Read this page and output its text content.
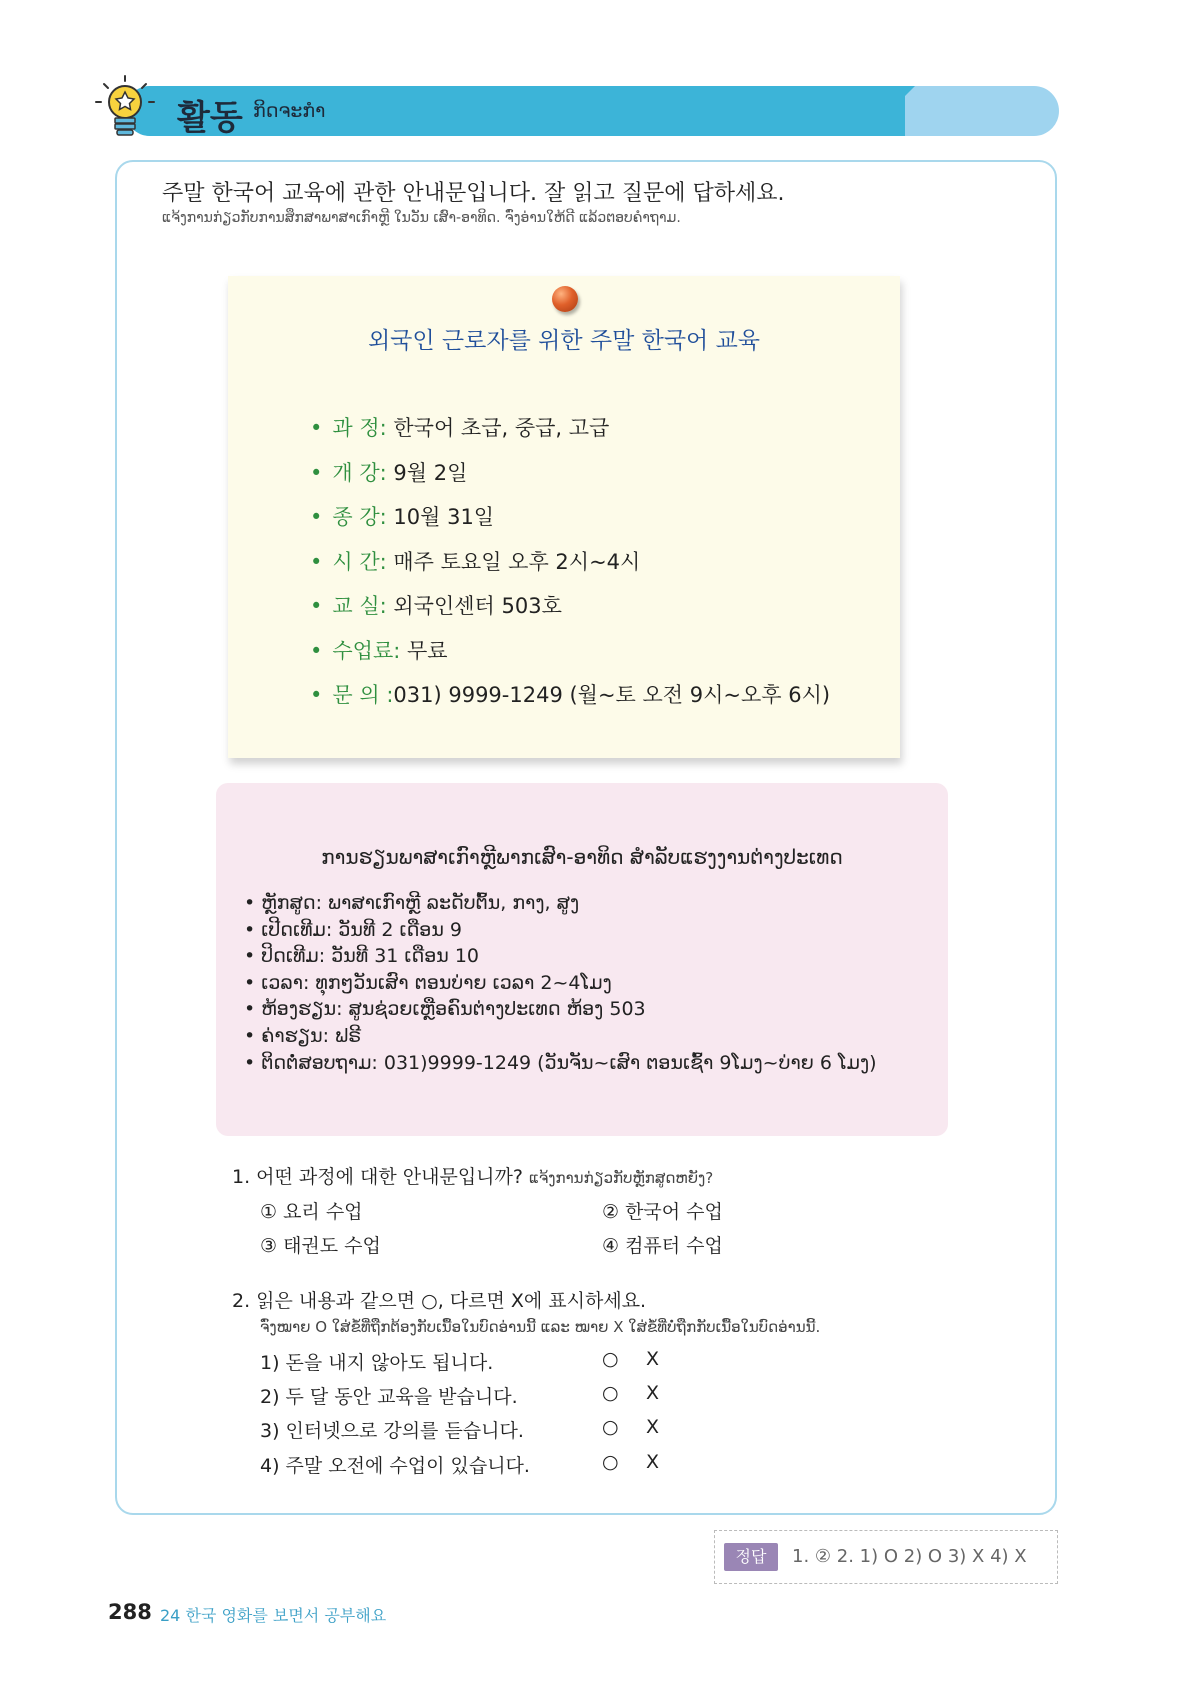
활동 ກິດຈະກຳ
주말 한국어 교육에 관한 안내문입니다. 잘 읽고 질문에 답하세요.
ແຈ້ງການກ່ຽວກັບການສຶກສາພາສາເກົາຫຼີ ໃນວັນ ເສົາ-ອາທິດ. ຈົ່ງອ່ານໃຫ້ດີ ແລ້ວຕອບຄໍາຖາມ.
외국인 근로자를 위한 주말 한국어 교육
• 과 정: 한국어 초급, 중급, 고급
• 개 강: 9월 2일
• 종 강: 10월 31일
• 시 간: 매주 토요일 오후 2시~4시
• 교 실: 외국인센터 503호
• 수업료: 무료
• 문 의 :031) 9999-1249 (월~토 오전 9시~오후 6시)
ການຮຽນພາສາເກົາຫຼີພາກເສົາ-ອາທິດ ສຳລັບແຮງງານຕ່າງປະເທດ
• ຫຼັກສູດ: ພາສາເກົາຫຼີ ລະດັບຕົ້ນ, ກາງ, ສູງ
• ເປີດເທີມ: ວັນທີ 2 ເດືອນ 9
• ປິດເທີມ: ວັນທີ 31 ເດືອນ 10
• ເວລາ: ທຸກໆວັນເສົາ ຕອນບ່າຍ ເວລາ 2~4ໂມງ
• ຫ້ອງຮຽນ: ສູນຊ່ວຍເຫຼືອຄົນຕ່າງປະເທດ ຫ້ອງ 503
• ຄ່າຮຽນ: ຟຣີ
• ຕິດຕໍ່ສອບຖາມ: 031)9999-1249 (ວັນຈັນ~ເສົາ ຕອນເຊົ້າ 9ໂມງ~ບ່າຍ 6 ໂມງ)
1. 어떤 과정에 대한 안내문입니까? ແຈ້ງການກ່ຽວກັບຫຼັກສູດຫຍັງ?
① 요리 수업	② 한국어 수업
③ 태권도 수업	④ 컴퓨터 수업
2. 읽은 내용과 같으면 ○, 다르면 X에 표시하세요.
ຈົ່ງໝາຍ O ໃສ່ຂໍ້ທີ່ຖືກຕ້ອງກັບເນື້ອໃນບົດອ່ານນີ້ ແລະ ໝາຍ X ໃສ່ຂໍ້ທີ່ບໍ່ຖືກກັບເນື້ອໃນບົດອ່ານນີ້.
1) 돈을 내지 않아도 됩니다.	○ X
2) 두 달 동안 교육을 받습니다.	○ X
3) 인터넷으로 강의를 듣습니다.	○ X
4) 주말 오전에 수업이 있습니다.	○ X
정답	1. ② 2. 1) O 2) O 3) X 4) X
288 24 한국 영화를 보면서 공부해요
